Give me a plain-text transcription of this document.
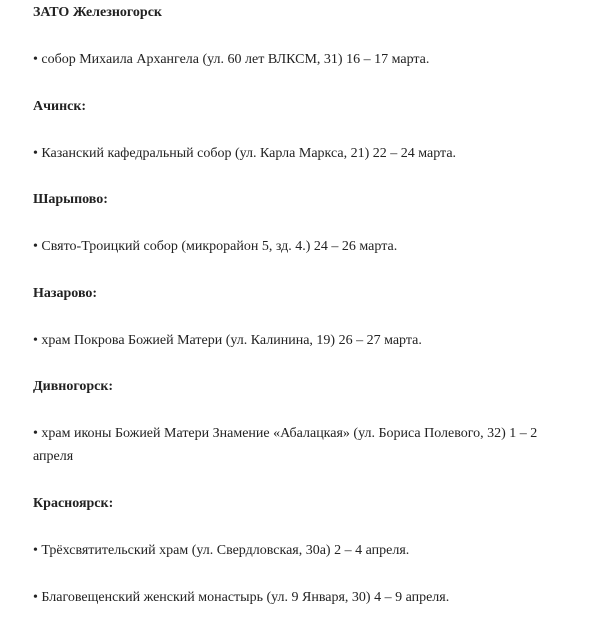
ЗАТО Железногорск

• собор Михаила Архангела (ул. 60 лет ВЛКСМ, 31) 16 – 17 марта.

Ачинск:

• Казанский кафедральный собор (ул. Карла Маркса, 21) 22 – 24 марта.

Шарыпово:

• Свято-Троицкий собор (микрорайон 5, зд. 4.) 24 – 26 марта.

Назарово:

• храм Покрова Божией Матери (ул. Калинина, 19) 26 – 27 марта.

Дивногорск:

• храм иконы Божией Матери Знамение «Абалацкая» (ул. Бориса Полевого, 32) 1 – 2 апреля

Красноярск:

• Трёхсвятительский храм (ул. Свердловская, 30а) 2 – 4 апреля.

• Благовещенский женский монастырь (ул. 9 Января, 30) 4 – 9 апреля.
